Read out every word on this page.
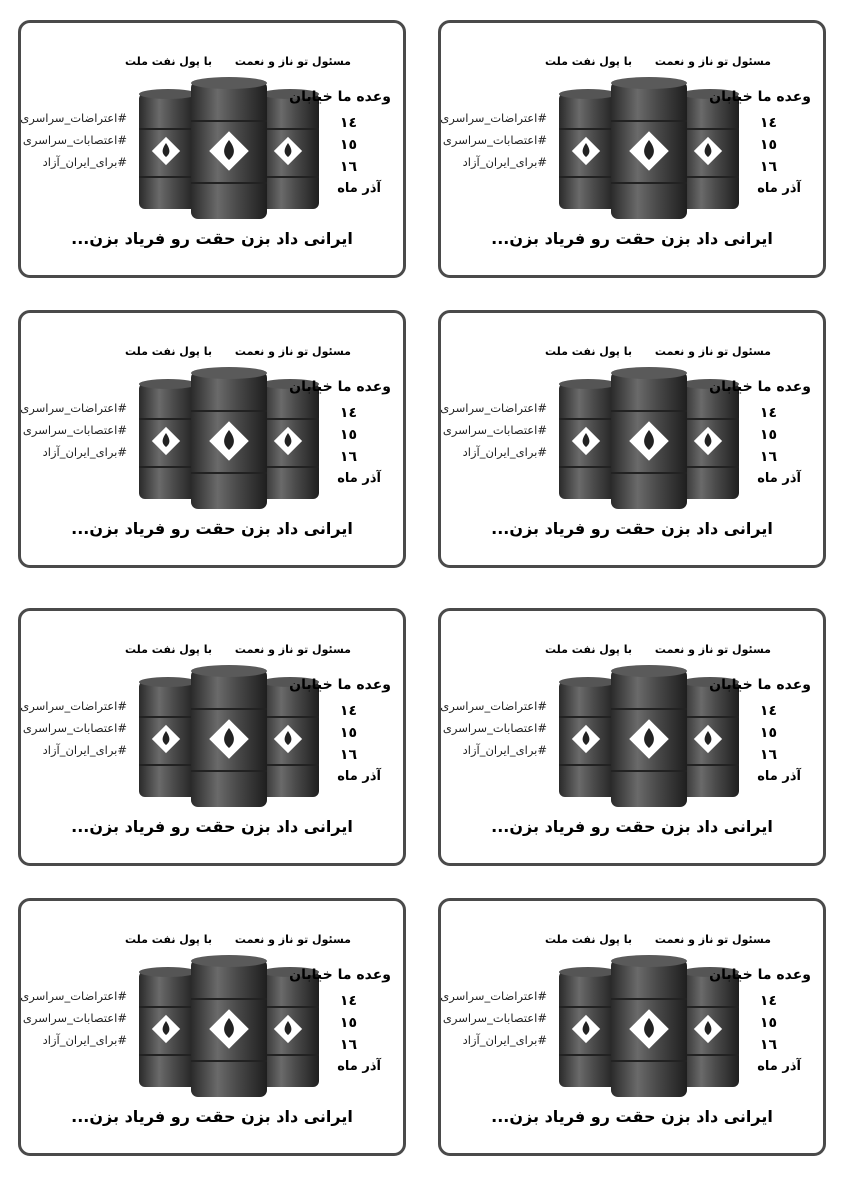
مسئول تو ناز و نعمت
با پول نفت ملت
وعده ما خیابان
١٤
١٥
١٦
آذر ماه
#اعتراضات_سراسری
#اعتصابات_سراسری
#برای_ایران_آزاد
ایرانی داد بزن حقت رو فریاد بزن...
مسئول تو ناز و نعمت
با پول نفت ملت
وعده ما خیابان
١٤
١٥
١٦
آذر ماه
#اعتراضات_سراسری
#اعتصابات_سراسری
#برای_ایران_آزاد
ایرانی داد بزن حقت رو فریاد بزن...
مسئول تو ناز و نعمت
با پول نفت ملت
وعده ما خیابان
١٤
١٥
١٦
آذر ماه
#اعتراضات_سراسری
#اعتصابات_سراسری
#برای_ایران_آزاد
ایرانی داد بزن حقت رو فریاد بزن...
مسئول تو ناز و نعمت
با پول نفت ملت
وعده ما خیابان
١٤
١٥
١٦
آذر ماه
#اعتراضات_سراسری
#اعتصابات_سراسری
#برای_ایران_آزاد
ایرانی داد بزن حقت رو فریاد بزن...
مسئول تو ناز و نعمت
با پول نفت ملت
وعده ما خیابان
١٤
١٥
١٦
آذر ماه
#اعتراضات_سراسری
#اعتصابات_سراسری
#برای_ایران_آزاد
ایرانی داد بزن حقت رو فریاد بزن...
مسئول تو ناز و نعمت
با پول نفت ملت
وعده ما خیابان
١٤
١٥
١٦
آذر ماه
#اعتراضات_سراسری
#اعتصابات_سراسری
#برای_ایران_آزاد
ایرانی داد بزن حقت رو فریاد بزن...
مسئول تو ناز و نعمت
با پول نفت ملت
وعده ما خیابان
١٤
١٥
١٦
آذر ماه
#اعتراضات_سراسری
#اعتصابات_سراسری
#برای_ایران_آزاد
ایرانی داد بزن حقت رو فریاد بزن...
مسئول تو ناز و نعمت
با پول نفت ملت
وعده ما خیابان
١٤
١٥
١٦
آذر ماه
#اعتراضات_سراسری
#اعتصابات_سراسری
#برای_ایران_آزاد
ایرانی داد بزن حقت رو فریاد بزن...
